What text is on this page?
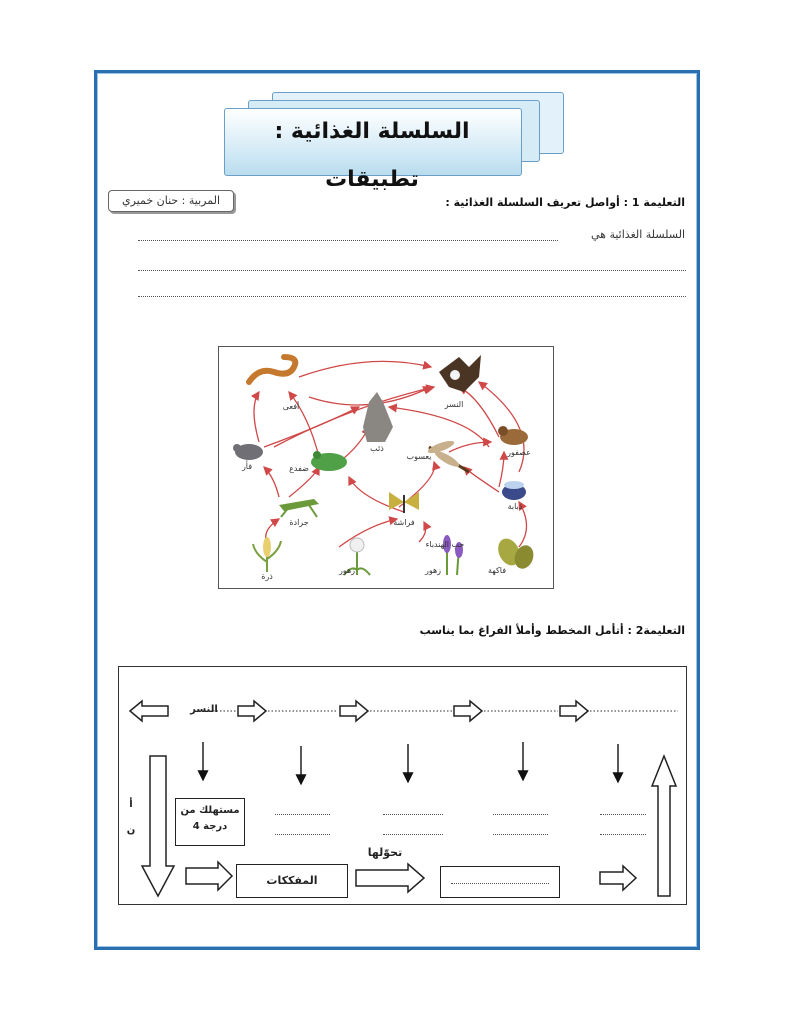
السلسلة الغذائية : تطبيقات
المربية : حنان خميري	التعليمة 1 : أواصل تعريف السلسلة الغذائية :
السلسلة الغذائية هي
أفعى	النسر
ذئب	عصفور
فأر	ضفدع
يعسوب
ذبابة
جرادة	فراشة
ذرة
حب الهندباء
زهور	زهور	فاكهة
التعليمة2 : أتأمل المخطط وأملأ الفراغ بما يناسب
النسر
مستهلك من درجة 4
المفككات
تحوّلها
أ ن
